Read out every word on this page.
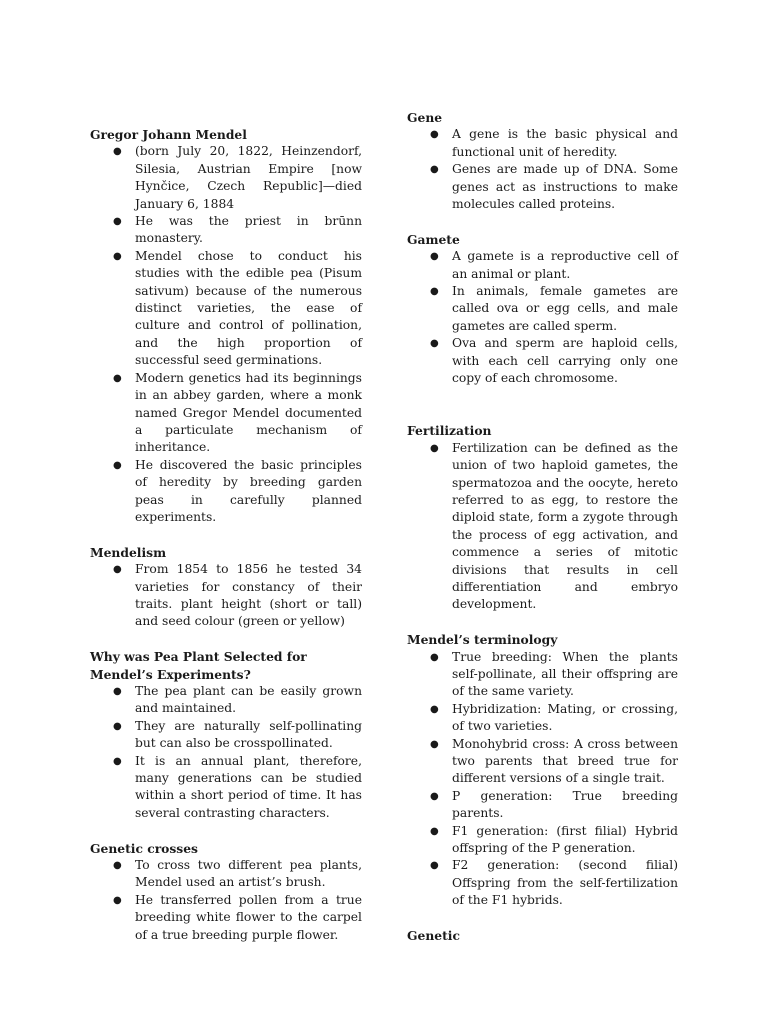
Gregor Johann Mendel

● (born July 20, 1822, Heinzendorf, Silesia, Austrian Empire [now Hynčice, Czech Republic]—died January 6, 1884
● He was the priest in brūnn monastery.
● Mendel chose to conduct his studies with the edible pea (Pisum sativum) because of the numerous distinct varieties, the ease of culture and control of pollination, and the high proportion of successful seed germinations.
● Modern genetics had its beginnings in an abbey garden, where a monk named Gregor Mendel documented a particulate mechanism of inheritance.
● He discovered the basic principles of heredity by breeding garden peas in carefully planned experiments.

Mendelism

● From 1854 to 1856 he tested 34 varieties for constancy of their traits. plant height (short or tall) and seed colour (green or yellow)

Why was Pea Plant Selected for Mendel’s Experiments?

● The pea plant can be easily grown and maintained.
● They are naturally self-pollinating but can also be crosspollinated.
● It is an annual plant, therefore, many generations can be studied within a short period of time. It has several contrasting characters.

Genetic crosses

● To cross two different pea plants, Mendel used an artist’s brush.
● He transferred pollen from a true breeding white flower to the carpel of a true breeding purple flower.

Gene

● A gene is the basic physical and functional unit of heredity.
● Genes are made up of DNA. Some genes act as instructions to make molecules called proteins.

Gamete

● A gamete is a reproductive cell of an animal or plant.
● In animals, female gametes are called ova or egg cells, and male gametes are called sperm.
● Ova and sperm are haploid cells, with each cell carrying only one copy of each chromosome.

Fertilization

● Fertilization can be defined as the union of two haploid gametes, the spermatozoa and the oocyte, hereto referred to as egg, to restore the diploid state, form a zygote through the process of egg activation, and commence a series of mitotic divisions that results in cell differentiation and embryo development.

Mendel’s terminology

● True breeding: When the plants self-pollinate, all their offspring are of the same variety.
● Hybridization: Mating, or crossing, of two varieties.
● Monohybrid cross: A cross between two parents that breed true for different versions of a single trait.
● P generation: True breeding parents.
● F1 generation: (first filial) Hybrid offspring of the P generation.
● F2 generation: (second filial) Offspring from the self-fertilization of the F1 hybrids.

Genetic
